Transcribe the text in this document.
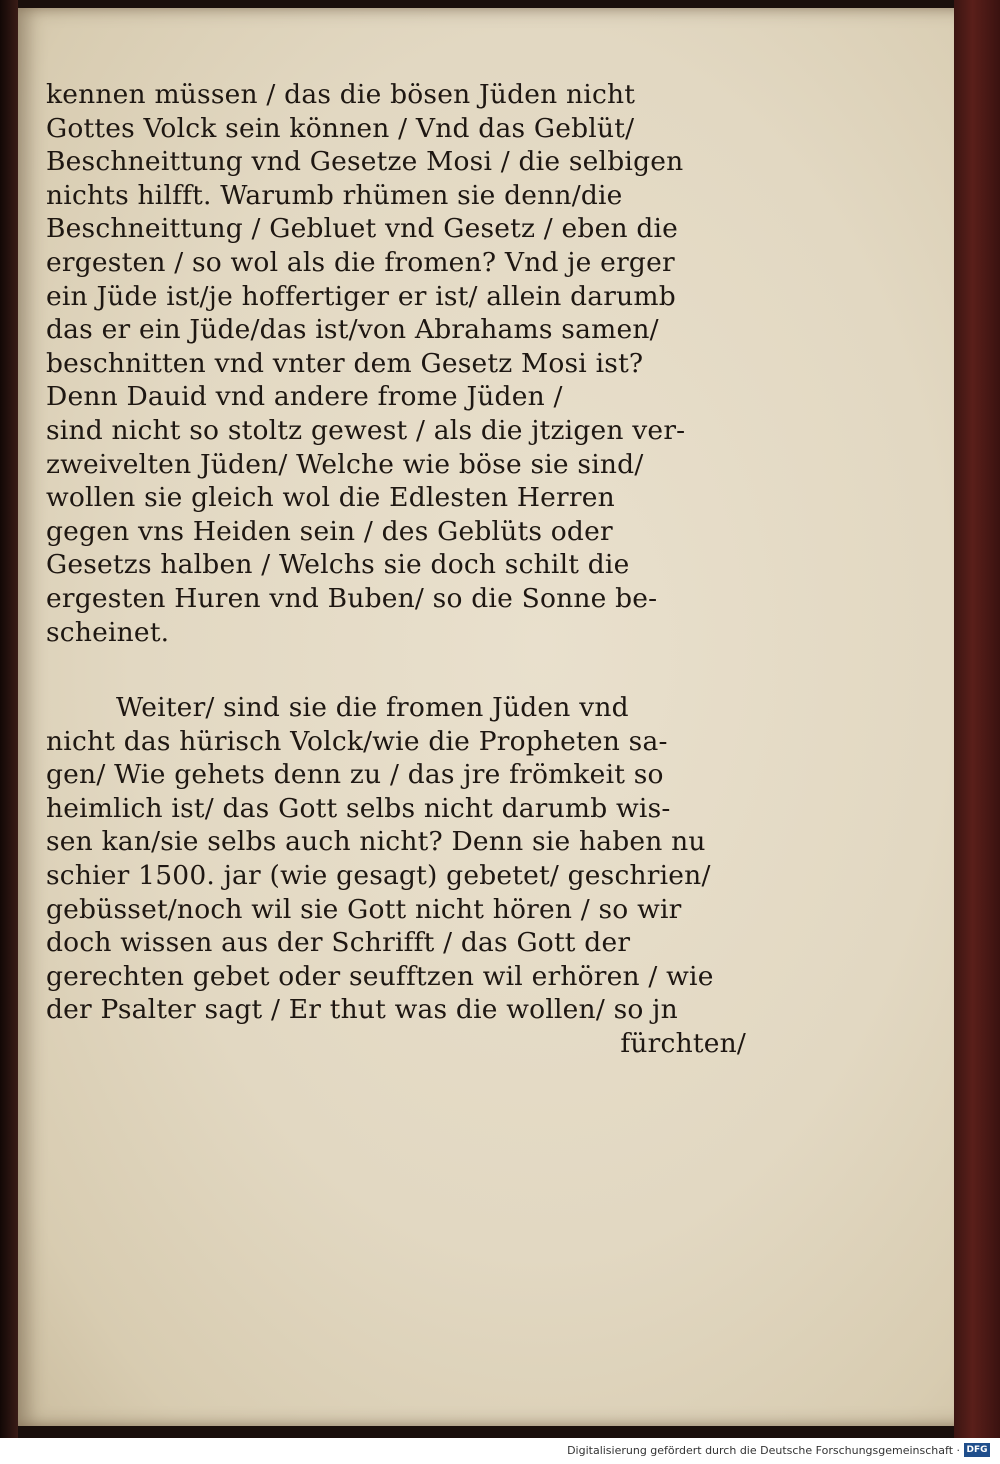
kennen müssen / das die bösen Jüden nicht
Gottes Volck sein können / Vnd das Geblüt/
Beschneittung vnd Gesetze Mosi / die selbigen
nichts hilfft. Warumb rhümen sie denn/die
Beschneittung / Gebluet vnd Gesetz / eben die
ergesten / so wol als die fromen? Vnd je erger
ein Jüde ist/je hoffertiger er ist/ allein darumb
das er ein Jüde/das ist/von Abrahams samen/
beschnitten vnd vnter dem Gesetz Mosi ist?
Denn Dauid vnd andere frome Jüden /
sind nicht so stoltz gewest / als die jtzigen ver-
zweivelten Jüden/ Welche wie böse sie sind/
wollen sie gleich wol die Edlesten Herren
gegen vns Heiden sein / des Geblüts oder
Gesetzs halben / Welchs sie doch schilt die
ergesten Huren vnd Buben/ so die Sonne be-
scheinet.
Weiter/ sind sie die fromen Jüden vnd
nicht das hürisch Volck/wie die Propheten sa-
gen/ Wie gehets denn zu / das jre frömkeit so
heimlich ist/ das Gott selbs nicht darumb wis-
sen kan/sie selbs auch nicht? Denn sie haben nu
schier 1500. jar (wie gesagt) gebetet/ geschrien/
gebüsset/noch wil sie Gott nicht hören / so wir
doch wissen aus der Schrifft / das Gott der
gerechten gebet oder seufftzen wil erhören / wie
der Psalter sagt / Er thut was die wollen/ so jn
fürchten/
Digitalisierung gefördert durch die Deutsche Forschungsgemeinschaft · DFG
